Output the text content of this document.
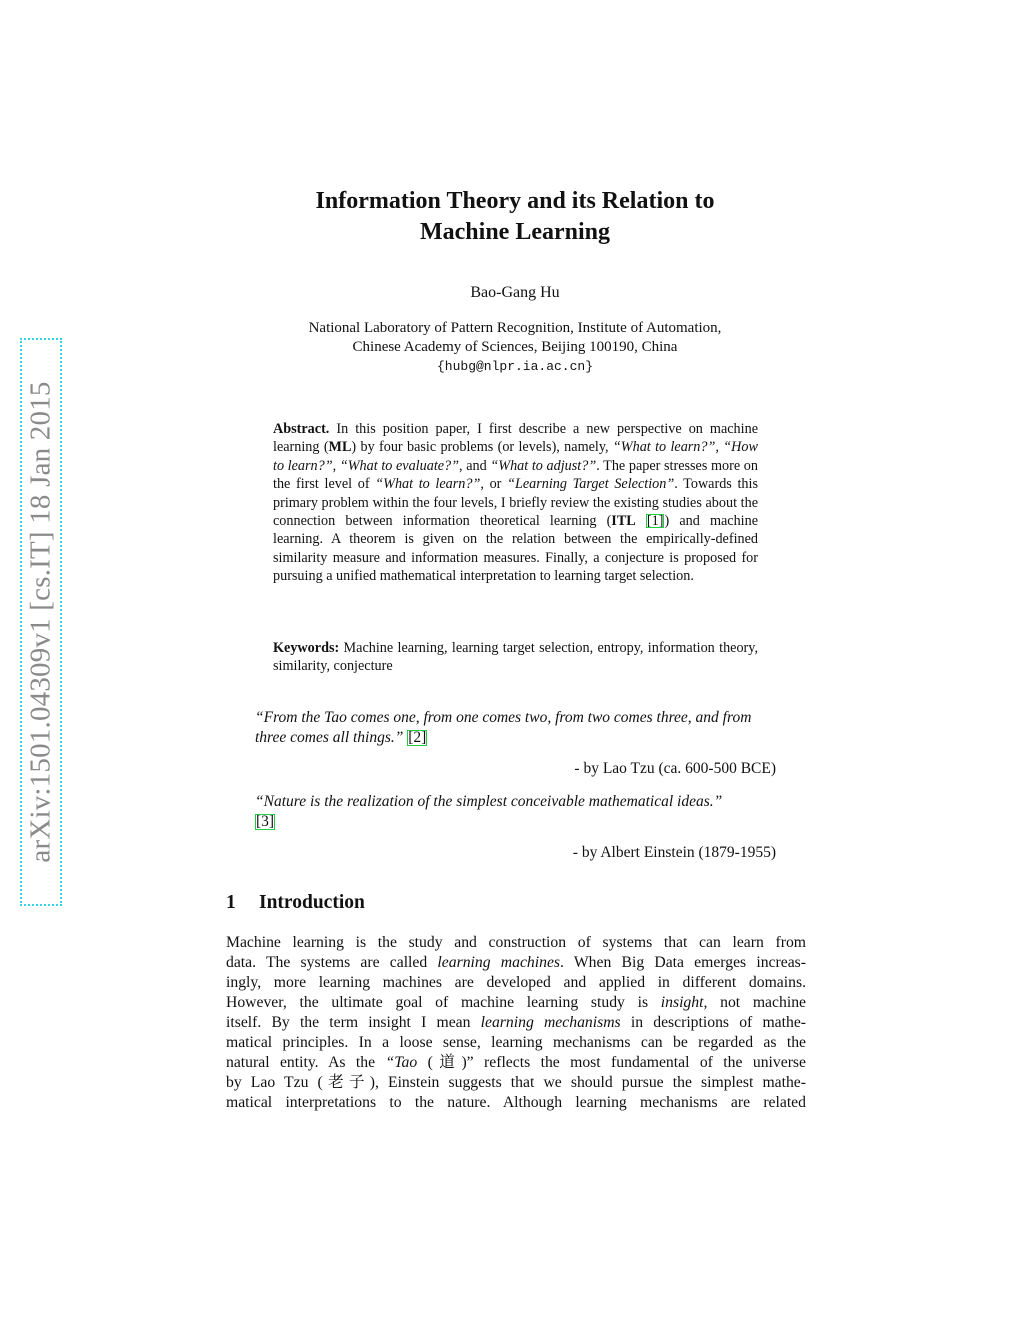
arXiv:1501.04309v1 [cs.IT] 18 Jan 2015
Information Theory and its Relation to
Machine Learning
Bao-Gang Hu
National Laboratory of Pattern Recognition, Institute of Automation,
Chinese Academy of Sciences, Beijing 100190, China
{hubg@nlpr.ia.ac.cn}
Abstract. In this position paper, I first describe a new perspective on machine learning (ML) by four basic problems (or levels), namely, “What to learn?”, “How to learn?”, “What to evaluate?”, and “What to adjust?”. The paper stresses more on the first level of “What to learn?”, or “Learning Target Selection”. Towards this primary problem within the four levels, I briefly review the existing studies about the connection between information theoretical learning (ITL [1]) and machine learning. A theorem is given on the relation between the empirically-defined similarity measure and information measures. Finally, a conjecture is proposed for pursuing a unified mathematical interpretation to learning target selection.
Keywords: Machine learning, learning target selection, entropy, information theory, similarity, conjecture
“From the Tao comes one, from one comes two, from two comes three, and from three comes all things.” [2]
- by Lao Tzu (ca. 600-500 BCE)
“Nature is the realization of the simplest conceivable mathematical ideas.”
[3]
- by Albert Einstein (1879-1955)
1 Introduction
Machine learning is the study and construction of systems that can learn from
data. The systems are called learning machines. When Big Data emerges increas-
ingly, more learning machines are developed and applied in different domains.
However, the ultimate goal of machine learning study is insight, not machine
itself. By the term insight I mean learning mechanisms in descriptions of mathe-
matical principles. In a loose sense, learning mechanisms can be regarded as the
natural entity. As the “Tao (道)” reflects the most fundamental of the universe
by Lao Tzu (老子), Einstein suggests that we should pursue the simplest mathe-
matical interpretations to the nature. Although learning mechanisms are related
